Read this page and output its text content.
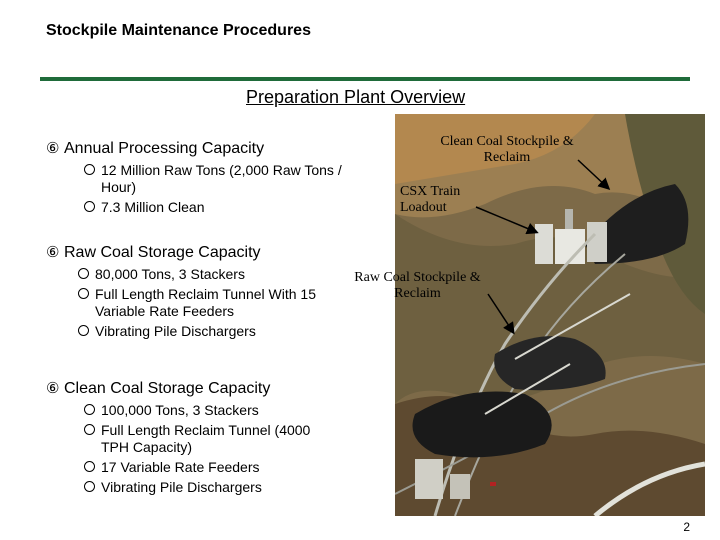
Stockpile Maintenance Procedures
Preparation Plant Overview
⑥ Annual Processing Capacity
12 Million Raw Tons (2,000 Raw Tons / Hour)
7.3 Million Clean
⑥ Raw Coal Storage Capacity
80,000 Tons, 3 Stackers
Full Length Reclaim Tunnel With 15 Variable Rate Feeders
Vibrating Pile Dischargers
⑥ Clean Coal Storage Capacity
100,000 Tons, 3 Stackers
Full Length Reclaim Tunnel (4000 TPH Capacity)
17 Variable Rate Feeders
Vibrating Pile Dischargers
Clean Coal Stockpile & Reclaim
CSX Train Loadout
Raw Coal Stockpile & Reclaim
2
